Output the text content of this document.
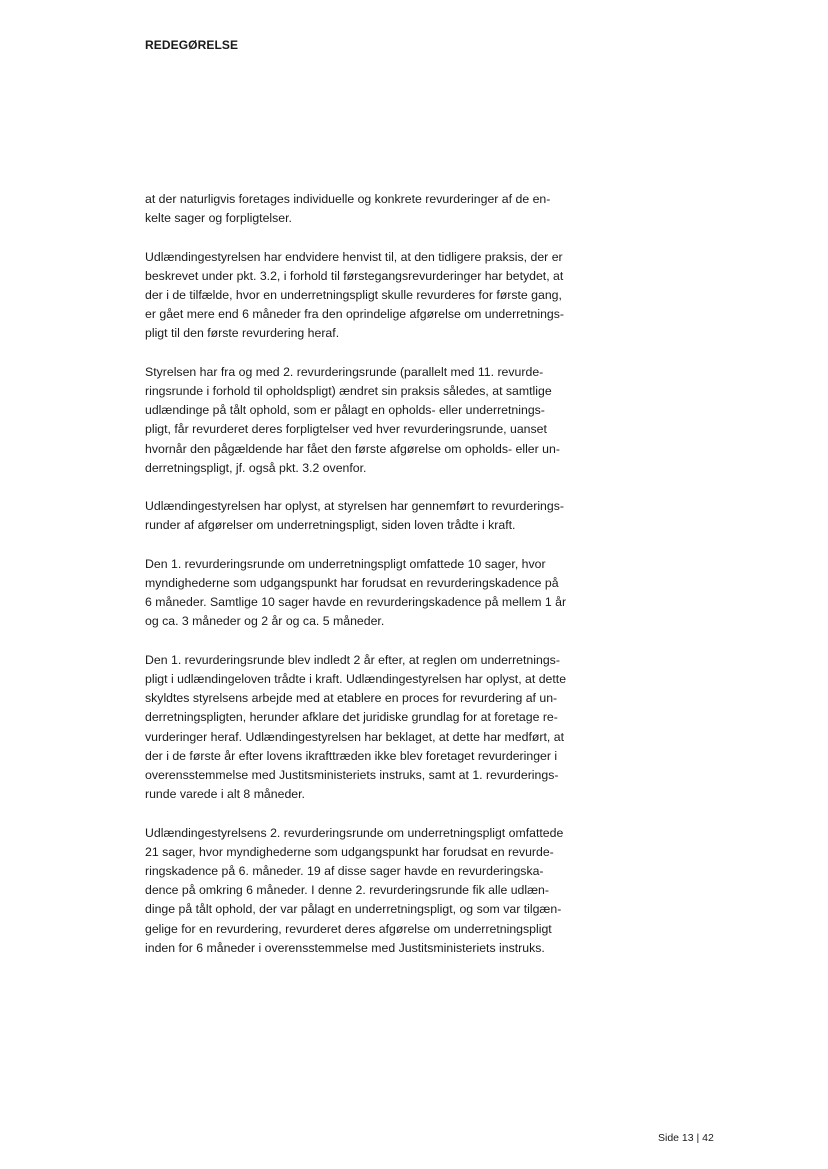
REDEGØRELSE

at der naturligvis foretages individuelle og konkrete revurderinger af de en-
kelte sager og forpligtelser.

Udlændingestyrelsen har endvidere henvist til, at den tidligere praksis, der er
beskrevet under pkt. 3.2, i forhold til førstegangsrevurderinger har betydet, at
der i de tilfælde, hvor en underretningspligt skulle revurderes for første gang,
er gået mere end 6 måneder fra den oprindelige afgørelse om underretnings-
pligt til den første revurdering heraf.

Styrelsen har fra og med 2. revurderingsrunde (parallelt med 11. revurde-
ringsrunde i forhold til opholdspligt) ændret sin praksis således, at samtlige
udlændinge på tålt ophold, som er pålagt en opholds- eller underretnings-
pligt, får revurderet deres forpligtelser ved hver revurderingsrunde, uanset
hvornår den pågældende har fået den første afgørelse om opholds- eller un-
derretningspligt, jf. også pkt. 3.2 ovenfor.

Udlændingestyrelsen har oplyst, at styrelsen har gennemført to revurderings-
runder af afgørelser om underretningspligt, siden loven trådte i kraft.

Den 1. revurderingsrunde om underretningspligt omfattede 10 sager, hvor
myndighederne som udgangspunkt har forudsat en revurderingskadence på
6 måneder. Samtlige 10 sager havde en revurderingskadence på mellem 1 år
og ca. 3 måneder og 2 år og ca. 5 måneder.

Den 1. revurderingsrunde blev indledt 2 år efter, at reglen om underretnings-
pligt i udlændingeloven trådte i kraft. Udlændingestyrelsen har oplyst, at dette
skyldtes styrelsens arbejde med at etablere en proces for revurdering af un-
derretningspligten, herunder afklare det juridiske grundlag for at foretage re-
vurderinger heraf. Udlændingestyrelsen har beklaget, at dette har medført, at
der i de første år efter lovens ikrafttræden ikke blev foretaget revurderinger i
overensstemmelse med Justitsministeriets instruks, samt at 1. revurderings-
runde varede i alt 8 måneder.

Udlændingestyrelsens 2. revurderingsrunde om underretningspligt omfattede
21 sager, hvor myndighederne som udgangspunkt har forudsat en revurde-
ringskadence på 6. måneder. 19 af disse sager havde en revurderingska-
dence på omkring 6 måneder. I denne 2. revurderingsrunde fik alle udlæn-
dinge på tålt ophold, der var pålagt en underretningspligt, og som var tilgæn-
gelige for en revurdering, revurderet deres afgørelse om underretningspligt
inden for 6 måneder i overensstemmelse med Justitsministeriets instruks.

Side 13 | 42
